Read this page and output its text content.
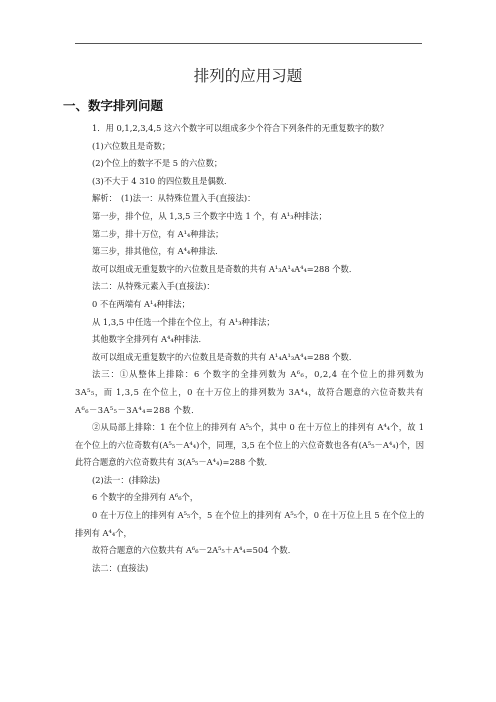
排列的应用习题
一、数字排列问题

1．用 0,1,2,3,4,5 这六个数字可以组成多少个符合下列条件的无重复数字的数？

(1)六位数且是奇数；

(2)个位上的数字不是 5 的六位数；

(3)不大于 4 310 的四位数且是偶数．

解析：　(1)法一：从特殊位置入手(直接法)：

第一步，排个位，从 1,3,5 三个数字中选 1 个，有 A¹₃种排法；

第二步，排十万位，有 A¹₄种排法；

第三步，排其他位，有 A⁴₄种排法．

故可以组成无重复数字的六位数且是奇数的共有 A¹₃A¹₄A⁴₄=288 个数．

法二：从特殊元素入手(直接法)：

0 不在两端有 A¹₄种排法；

从 1,3,5 中任选一个排在个位上，有 A¹₃种排法；

其他数字全排列有 A⁴₄种排法．

故可以组成无重复数字的六位数且是奇数的共有 A¹₄A¹₃A⁴₄=288 个数．

法三：①从整体上排除：6 个数字的全排列数为 A⁶₆，0,2,4 在个位上的排列数为 3A⁵₅，而 1,3,5 在个位上，0 在十万位上的排列数为 3A⁴₄，故符合题意的六位奇数共有 A⁶₆－3A⁵₅－3A⁴₄=288 个数．

②从局部上排除：1 在个位上的排列有 A⁵₅个，其中 0 在十万位上的排列有 A⁴₄个，故 1 在个位上的六位奇数有(A⁵₅－A⁴₄)个，同理，3,5 在个位上的六位奇数也各有(A⁵₅－A⁴₄)个，因此符合题意的六位奇数共有 3(A⁵₅－A⁴₄)=288 个数．

(2)法一：(排除法)

6 个数字的全排列有 A⁶₆个，

0 在十万位上的排列有 A⁵₅个，5 在个位上的排列有 A⁵₅个，0 在十万位上且 5 在个位上的排列有 A⁴₄个，

故符合题意的六位数共有 A⁶₆－2A⁵₅＋A⁴₄=504 个数．

法二：(直接法)
